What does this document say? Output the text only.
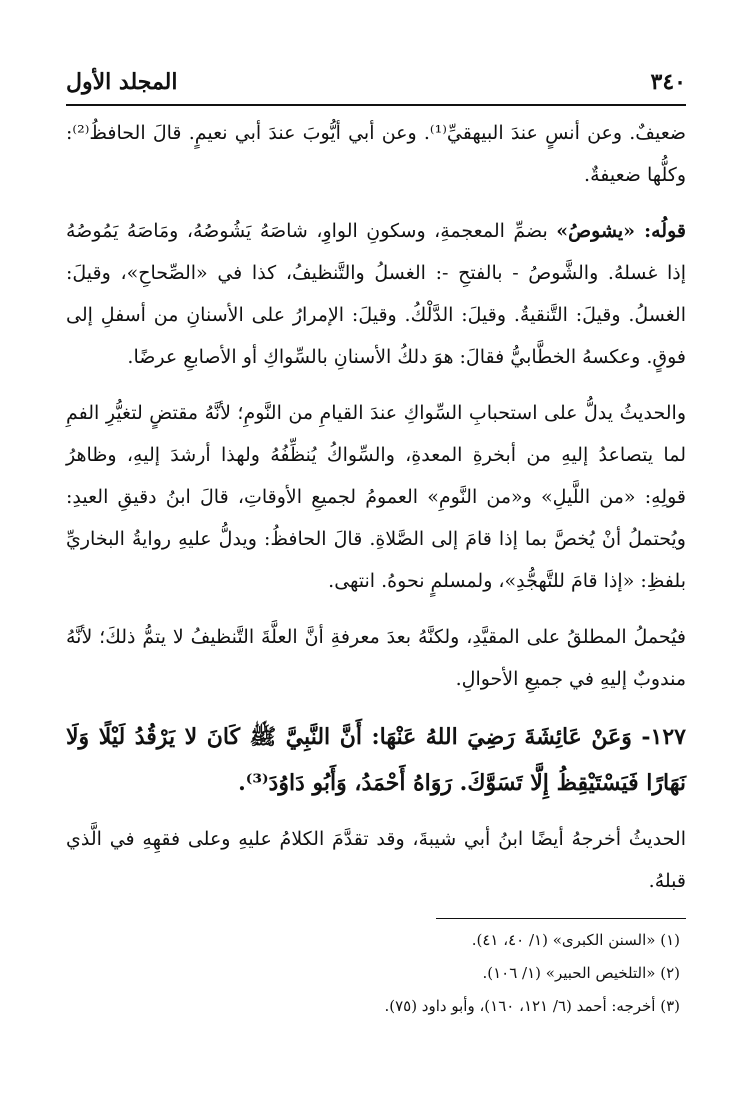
٣٤٠
المجلد الأول

ضعيفٌ. وعن أنسٍ عندَ البيهقيِّ⁽¹⁾. وعن أبي أيُّوبَ عندَ أبي نعيمٍ. قالَ الحافظُ⁽²⁾: وكلُّها ضعيفةٌ.

قولُه: «يشوصُ» بضمِّ المعجمةِ، وسكونِ الواوِ، شاصَهُ يَشُوصُهُ، ومَاصَهُ يَمُوصُهُ إذا غسلهُ. والشَّوصُ - بالفتحِ -: الغسلُ والتَّنظيفُ، كذا في «الصِّحاحِ»، وقيلَ: الغسلُ. وقيلَ: التَّنقيةُ. وقيلَ: الدَّلْكُ. وقيلَ: الإمرارُ على الأسنانِ من أسفلِ إلى فوقٍ. وعكسهُ الخطَّابيُّ فقالَ: هوَ دلكُ الأسنانِ بالسِّواكِ أو الأصابعِ عرضًا.

والحديثُ يدلُّ على استحبابِ السِّواكِ عندَ القيامِ من النَّومِ؛ لأنَّهُ مقتضٍ لتغيُّرِ الفمِ لما يتصاعدُ إليهِ من أبخرةِ المعدةِ، والسِّواكُ يُنظِّفُهُ ولهذا أرشدَ إليهِ، وظاهرُ قولِهِ: «من اللَّيلِ» و«من النَّومِ» العمومُ لجميعِ الأوقاتِ، قالَ ابنُ دقيقِ العيدِ: ويُحتملُ أنْ يُخصَّ بما إذا قامَ إلى الصَّلاةِ. قالَ الحافظُ: ويدلُّ عليهِ روايةُ البخاريِّ بلفظِ: «إذا قامَ للتَّهجُّدِ»، ولمسلمٍ نحوهُ. انتهى.

فيُحملُ المطلقُ على المقيَّدِ، ولكنَّهُ بعدَ معرفةِ أنَّ العلَّةَ التَّنظيفُ لا يتمُّ ذلكَ؛ لأنَّهُ مندوبٌ إليهِ في جميعِ الأحوالِ.

١٢٧- وَعَنْ عَائِشَةَ رَضِيَ اللهُ عَنْهَا: أَنَّ النَّبِيَّ ﷺ كَانَ لا يَرْقُدُ لَيْلًا وَلَا نَهَارًا فَيَسْتَيْقِظُ إِلَّا تَسَوَّكَ. رَوَاهُ أَحْمَدُ، وَأَبُو دَاوُدَ⁽³⁾.

الحديثُ أخرجهُ أيضًا ابنُ أبي شيبةَ، وقد تقدَّمَ الكلامُ عليهِ وعلى فقهِهِ في الَّذي قبلهُ.

(١) «السنن الكبرى» (١/ ٤٠، ٤١).

(٢) «التلخيص الحبير» (١/ ١٠٦).

(٣) أخرجه: أحمد (٦/ ١٢١، ١٦٠)، وأبو داود (٧٥).
